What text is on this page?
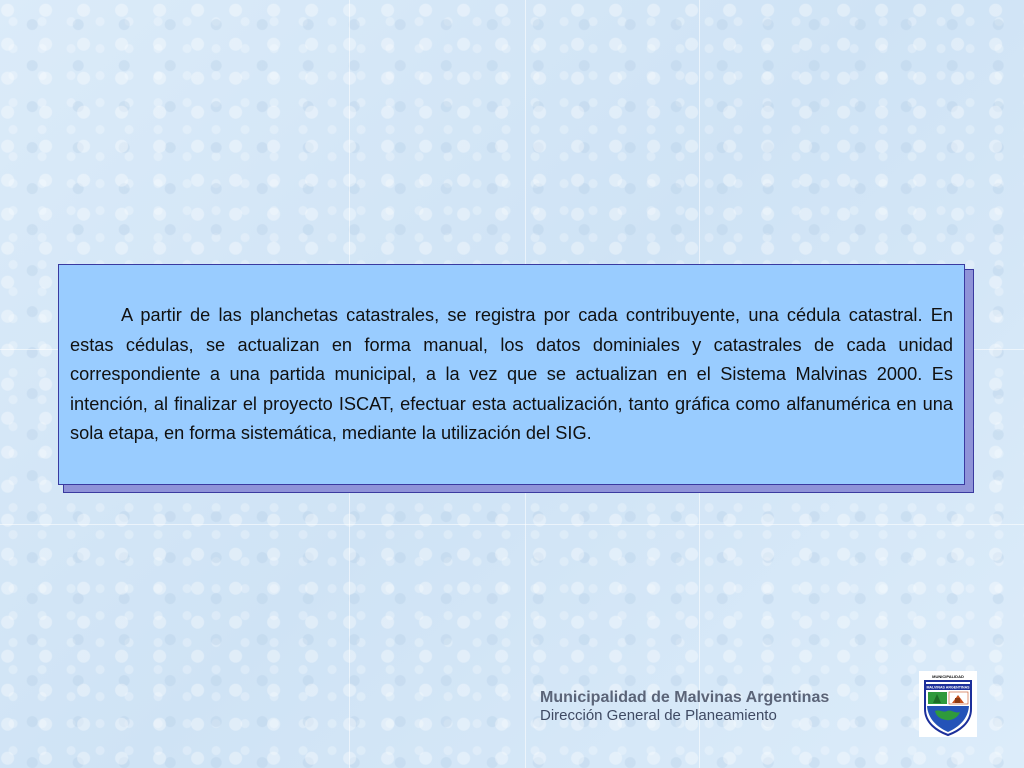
A partir de las planchetas catastrales, se registra por cada contribuyente, una cédula catastral. En estas cédulas, se actualizan en forma manual, los datos dominiales y catastrales de cada unidad correspondiente a una partida municipal, a la vez que se actualizan en el Sistema Malvinas 2000. Es intención, al finalizar el proyecto ISCAT, efectuar esta actualización, tanto gráfica como alfanumérica en una sola etapa, en forma sistemática, mediante la utilización del SIG.

Municipalidad de Malvinas Argentinas
Dirección General de Planeamiento
MUNICIPALIDAD
MALVINAS ARGENTINAS
